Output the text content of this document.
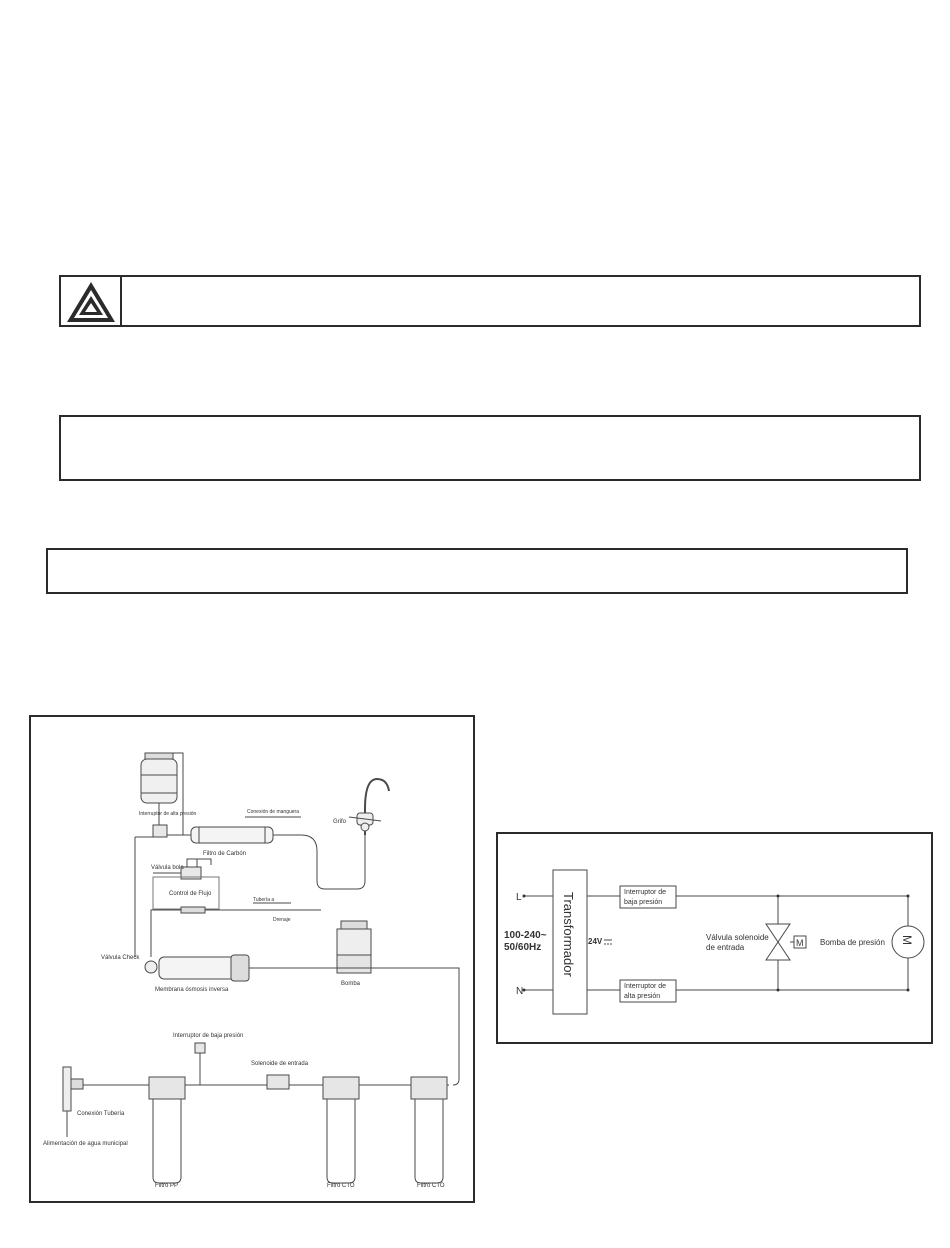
Interruptor de alta presión	Conexión de manguera
Grifo
Filtro de Carbón
Válvula bola
Control de Flujo
Tubería a
Drenaje
Válvula Check
Membrana ósmosis inversa
Bomba
Interruptor de baja presión
Solenoide de entrada
Conexión Tubería
Alimentación de agua municipal
Filtro PP	Filtro CTO	Filtro CTO
L
N
100-240~
50/60Hz Transformador 24V
Interruptor de
baja presión
Interruptor de
alta presión
Válvula solenoide
de entrada	M Bomba de presión M
